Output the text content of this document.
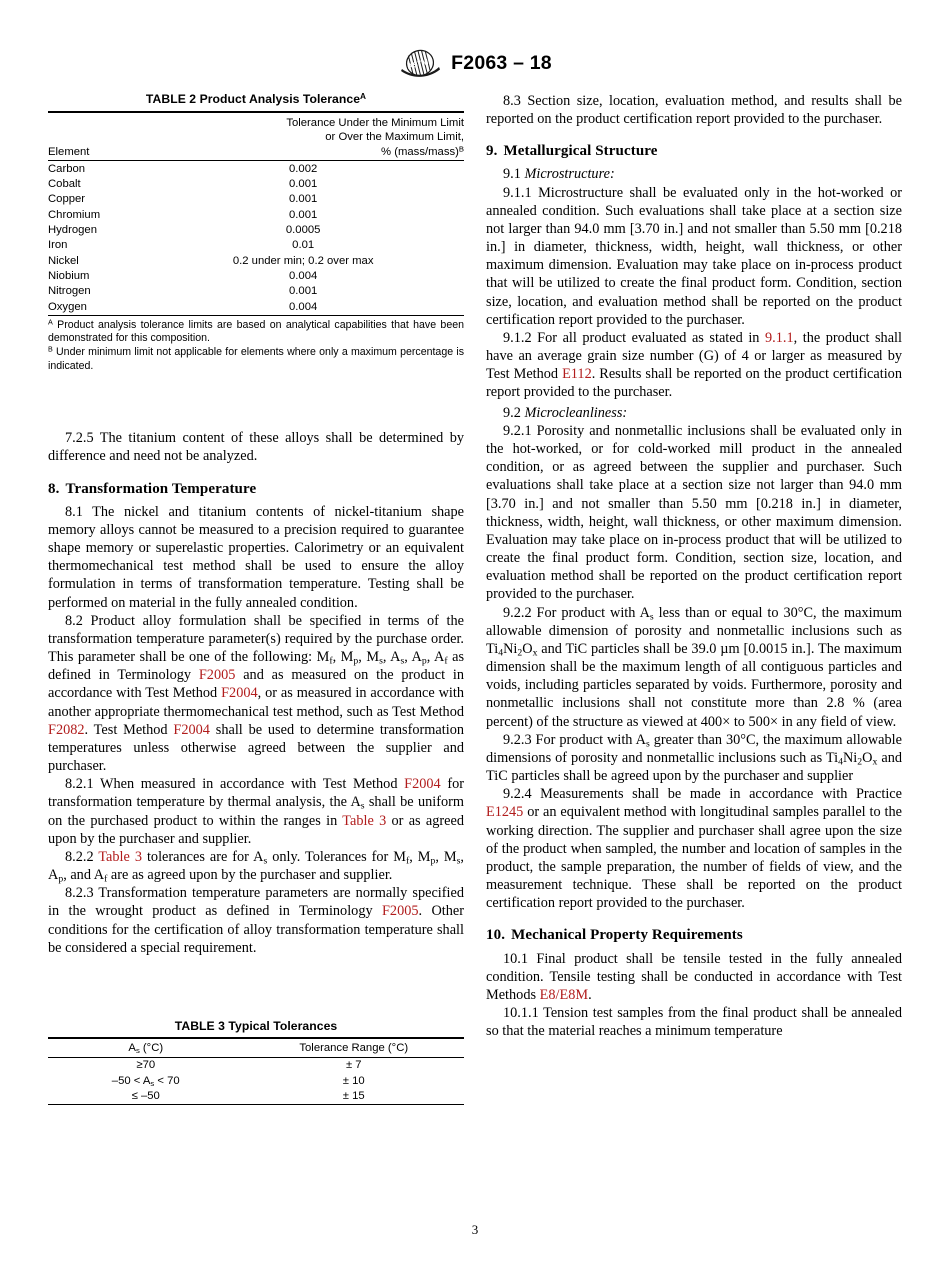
ASTM F2063 – 18
TABLE 2 Product Analysis Tolerance$^A$
Element	Tolerance Under the Minimum Limit
or Over the Maximum Limit,
% (mass/mass)$^B$
Carbon	0.002
Cobalt	0.001
Copper	0.001
Chromium	0.001
Hydrogen	0.0005
Iron	0.01
Nickel	0.2 under min; 0.2 over max
Niobium	0.004
Nitrogen	0.001
Oxygen	0.004

$^A$ Product analysis tolerance limits are based on analytical capabilities that have been demonstrated for this composition.

$^B$ Under minimum limit not applicable for elements where only a maximum percentage is indicated.

7.2.5 The titanium content of these alloys shall be determined by difference and need not be analyzed.

8. Transformation Temperature

8.1 The nickel and titanium contents of nickel-titanium shape memory alloys cannot be measured to a precision required to guarantee shape memory or superelastic properties. Calorimetry or an equivalent thermomechanical test method shall be used to ensure the alloy formulation in terms of transformation temperature. Testing shall be performed on material in the fully annealed condition.

8.2 Product alloy formulation shall be specified in terms of the transformation temperature parameter(s) required by the purchase order. This parameter shall be one of the following: $M_f$, $M_p$, $M_s$, $A_s$, $A_p$, $A_f$ as defined in Terminology F2005 and as measured on the product in accordance with Test Method F2004, or as measured in accordance with another appropriate thermomechanical test method, such as Test Method F2082. Test Method F2004 shall be used to determine transformation temperatures unless otherwise agreed between the supplier and purchaser.

8.2.1 When measured in accordance with Test Method F2004 for transformation temperature by thermal analysis, the $A_s$ shall be uniform on the purchased product to within the ranges in Table 3 or as agreed upon by the purchaser and supplier.

8.2.2 Table 3 tolerances are for $A_s$ only. Tolerances for $M_f$, $M_p$, $M_s$, $A_p$, and $A_f$ are as agreed upon by the purchaser and supplier.

8.2.3 Transformation temperature parameters are normally specified in the wrought product as defined in Terminology F2005. Other conditions for the certification of alloy transformation temperature shall be considered a special requirement.

TABLE 3 Typical Tolerances
$A_s$ (°C)	Tolerance Range (°C)
≥70	± 7
$-50 < A_s < 70$	± 10
≤ –50	± 15

8.3 Section size, location, evaluation method, and results shall be reported on the product certification report provided to the purchaser.

9. Metallurgical Structure

9.1 Microstructure:

9.1.1 Microstructure shall be evaluated only in the hot-worked or annealed condition. Such evaluations shall take place at a section size not larger than 94.0 mm [3.70 in.] and not smaller than 5.50 mm [0.218 in.] in diameter, thickness, width, height, wall thickness, or other maximum dimension. Evaluation may take place on in-process product that will be utilized to create the final product form. Condition, section size, location, and evaluation method shall be reported on the product certification report provided to the purchaser.

9.1.2 For all product evaluated as stated in 9.1.1, the product shall have an average grain size number (G) of 4 or larger as measured by Test Method E112. Results shall be reported on the product certification report provided to the purchaser.

9.2 Microcleanliness:

9.2.1 Porosity and nonmetallic inclusions shall be evaluated only in the hot-worked, or for cold-worked mill product in the annealed condition, or as agreed between the supplier and purchaser. Such evaluations shall take place at a section size not larger than 94.0 mm [3.70 in.] and not smaller than 5.50 mm [0.218 in.] in diameter, thickness, width, height, wall thickness, or other maximum dimension. Evaluation may take place on in-process product that will be utilized to create the final product form. Condition, section size, location, and evaluation method shall be reported on the product certification report provided to the purchaser.

9.2.2 For product with $A_s$ less than or equal to 30°C, the maximum allowable dimension of porosity and nonmetallic inclusions such as $Ti_4Ni_2O_x$ and TiC particles shall be 39.0 µm [0.0015 in.]. The maximum dimension shall be the maximum length of all contiguous particles and voids, including particles separated by voids. Furthermore, porosity and nonmetallic inclusions shall not constitute more than 2.8 % (area percent) of the structure as viewed at 400× to 500× in any field of view.

9.2.3 For product with $A_s$ greater than 30°C, the maximum allowable dimensions of porosity and nonmetallic inclusions such as $Ti_4Ni_2O_x$ and TiC particles shall be agreed upon by the purchaser and supplier

9.2.4 Measurements shall be made in accordance with Practice E1245 or an equivalent method with longitudinal samples parallel to the working direction. The supplier and purchaser shall agree upon the size of the product when sampled, the number and location of samples in the product, the sample preparation, the number of fields of view, and the measurement technique. These shall be reported on the product certification report provided to the purchaser.

10. Mechanical Property Requirements

10.1 Final product shall be tensile tested in the fully annealed condition. Tensile testing shall be conducted in accordance with Test Methods E8/E8M.

10.1.1 Tension test samples from the final product shall be annealed so that the material reaches a minimum temperature

3
